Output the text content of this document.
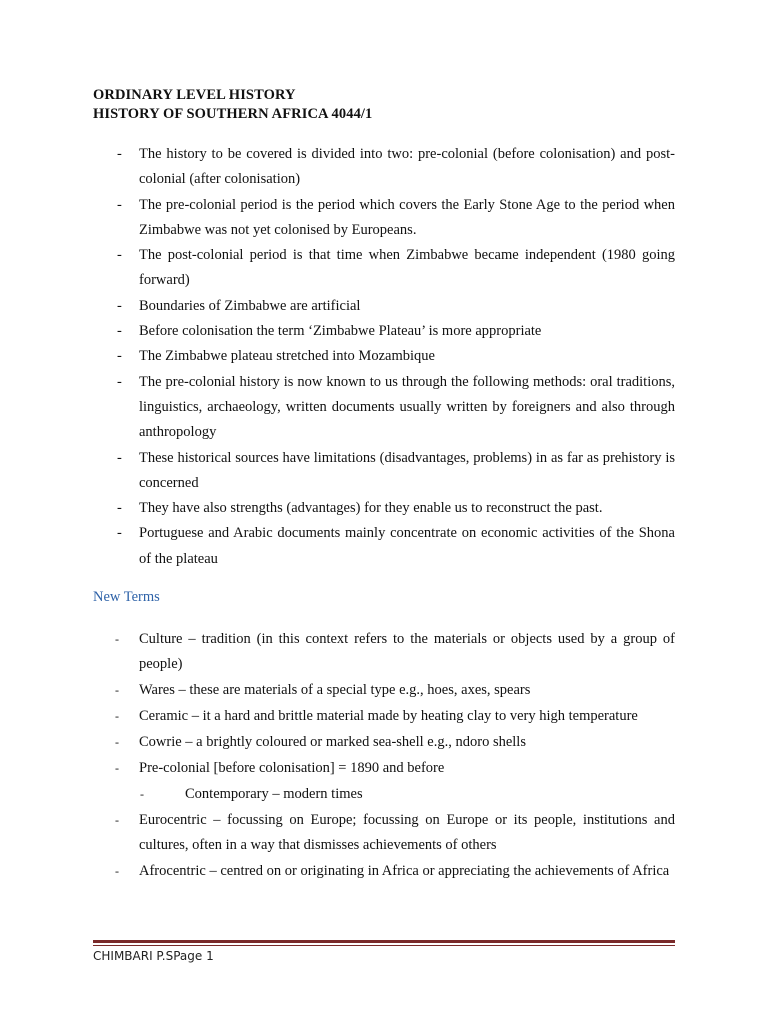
ORDINARY LEVEL HISTORY
HISTORY OF SOUTHERN AFRICA 4044/1
- The history to be covered is divided into two: pre-colonial (before colonisation) and post-colonial (after colonisation)
- The pre-colonial period is the period which covers the Early Stone Age to the period when Zimbabwe was not yet colonised by Europeans.
- The post-colonial period is that time when Zimbabwe became independent (1980 going forward)
- Boundaries of Zimbabwe are artificial
- Before colonisation the term ‘Zimbabwe Plateau’ is more appropriate
- The Zimbabwe plateau stretched into Mozambique
- The pre-colonial history is now known to us through the following methods: oral traditions, linguistics, archaeology, written documents usually written by foreigners and also through anthropology
- These historical sources have limitations (disadvantages, problems) in as far as prehistory is concerned
- They have also strengths (advantages) for they enable us to reconstruct the past.
- Portuguese and Arabic documents mainly concentrate on economic activities of the Shona of the plateau
New Terms
- Culture – tradition (in this context refers to the materials or objects used by a group of people)
- Wares – these are materials of a special type e.g., hoes, axes, spears
- Ceramic – it a hard and brittle material made by heating clay to very high temperature
- Cowrie – a brightly coloured or marked sea-shell e.g., ndoro shells
- Pre-colonial [before colonisation] = 1890 and before
-	Contemporary – modern times
- Eurocentric – focussing on Europe; focussing on Europe or its people, institutions and cultures, often in a way that dismisses achievements of others
- Afrocentric – centred on or originating in Africa or appreciating the achievements of Africa
CHIMBARI P.SPage 1
